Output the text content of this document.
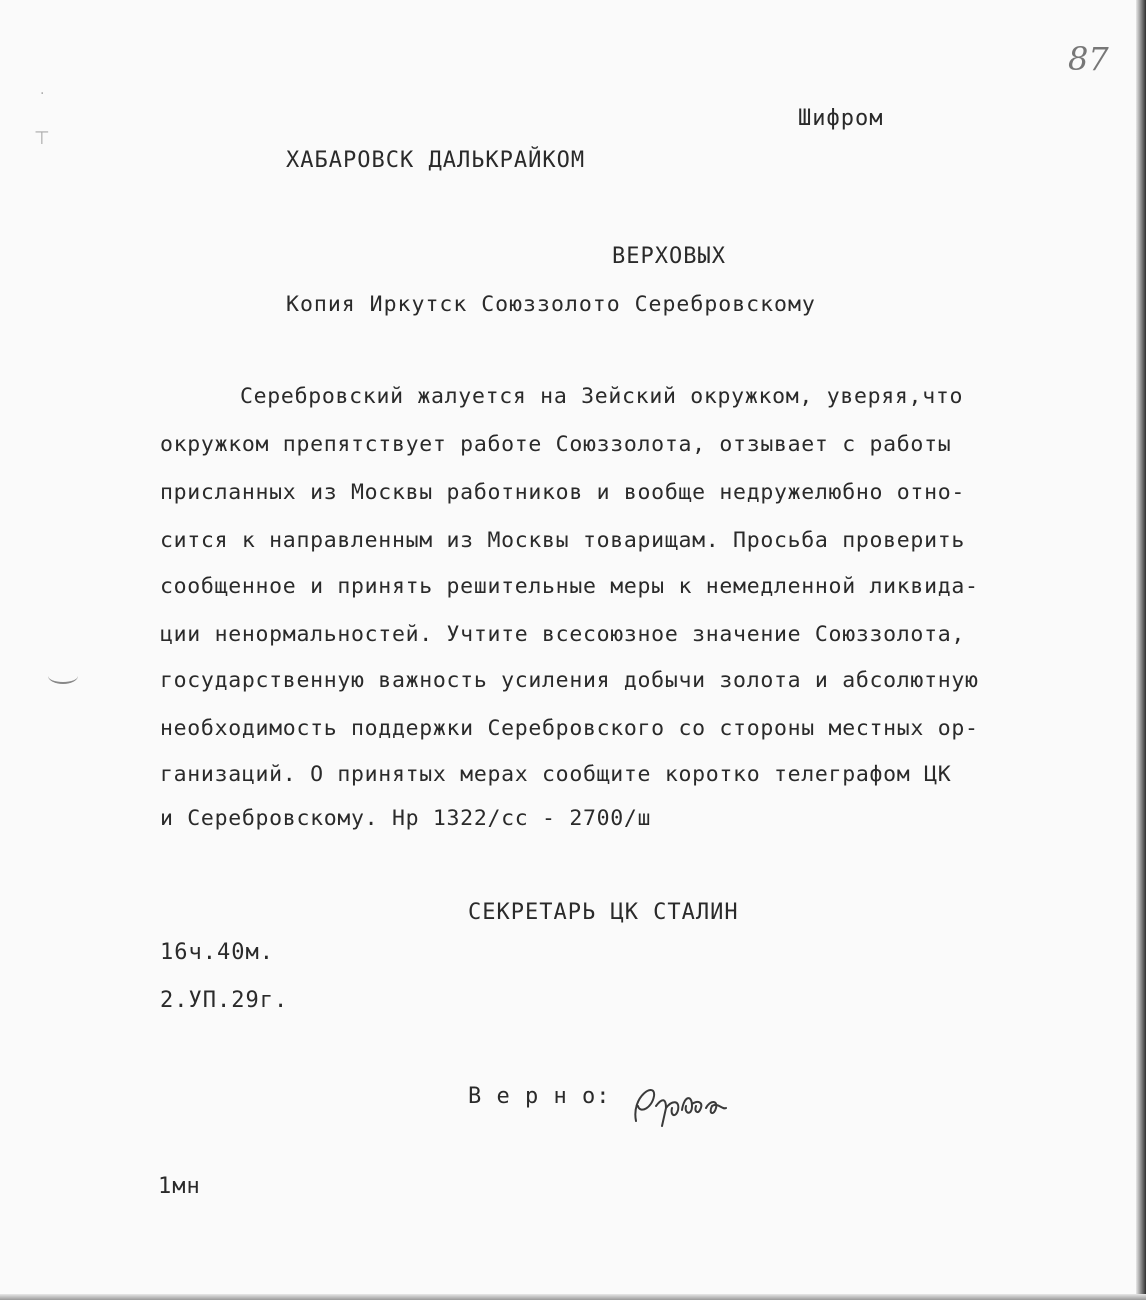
·
⊤
87
Шифром
ХАБАРОВСК ДАЛЬКРАЙКОМ
ВЕРХОВЫХ
Копия Иркутск Союззолото Серебровскому
Серебровский жалуется на Зейский окружком, уверяя,что
окружком препятствует работе Союззолота, отзывает с работы
присланных из Москвы работников и вообще недружелюбно отно-
сится к направленным из Москвы товарищам. Просьба проверить
сообщенное и принять решительные меры к немедленной ликвида-
ции ненормальностей. Учтите всесоюзное значение Союззолота,
государственную важность усиления добычи золота и абсолютную
необходимость поддержки Серебровского со стороны местных ор-
ганизаций. О принятых мерах сообщите коротко телеграфом ЦК
и Серебровскому. Нр 1322/сс - 2700/ш
СЕКРЕТАРЬ ЦК СТАЛИН
16ч.40м.
2.УП.29г.
В е р н о:
1мн
